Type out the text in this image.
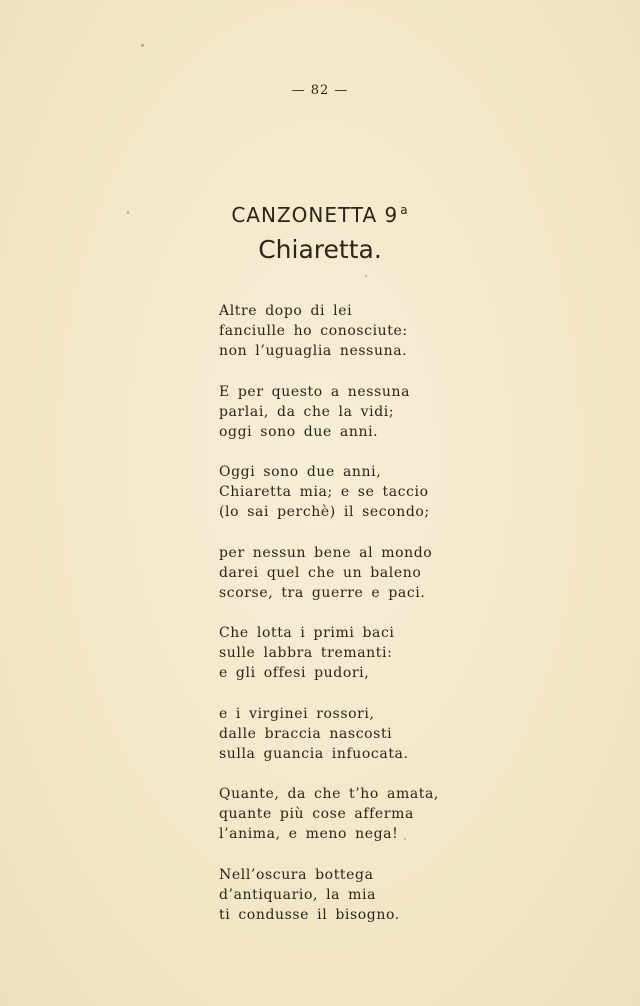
— 82 —
CANZONETTA 9 $^a$
Chiaretta.
Altre dopo di lei
fanciulle ho conosciute:
non l’uguaglia nessuna.
E per questo a nessuna
parlai, da che la vidi;
oggi sono due anni.
Oggi sono due anni,
Chiaretta mia; e se taccio
(lo sai perchè) il secondo;
per nessun bene al mondo
darei quel che un baleno
scorse, tra guerre e paci.
Che lotta i primi baci
sulle labbra tremanti:
e gli offesi pudori,
e i virginei rossori,
dalle braccia nascosti
sulla guancia infuocata.
Quante, da che t’ho amata,
quante più cose afferma
l’anima, e meno nega!
Nell’oscura bottega
d’antiquario, la mia
ti condusse il bisogno.
